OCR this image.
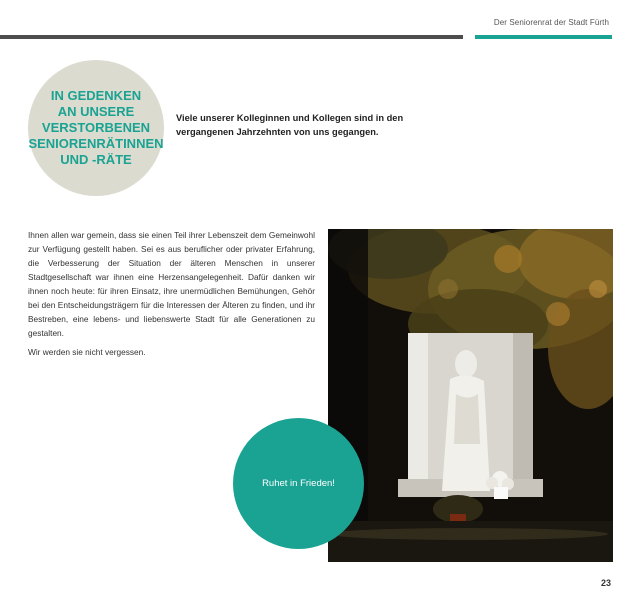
Der Seniorenrat der Stadt Fürth
IN GEDENKEN
AN UNSERE
VERSTORBENEN
SENIORENRÄTINNEN
UND -RÄTE
Viele unserer Kolleginnen und Kollegen sind in den vergangenen Jahrzehnten von uns gegangen.
Ihnen allen war gemein, dass sie einen Teil ihrer Lebenszeit dem Gemeinwohl zur Verfügung gestellt haben. Sei es aus beruflicher oder privater Erfahrung, die Verbesserung der Situation der älteren Menschen in unserer Stadtgesellschaft war ihnen eine Herzensangelegenheit. Dafür danken wir ihnen noch heute: für ihren Einsatz, ihre unermüdlichen Bemühungen, Gehör bei den Entscheidungsträgern für die Interessen der Älteren zu finden, und ihr Bestreben, eine lebens- und liebenswerte Stadt für alle Generationen zu gestalten.
Wir werden sie nicht vergessen.
Ruhet in Frieden!
23
